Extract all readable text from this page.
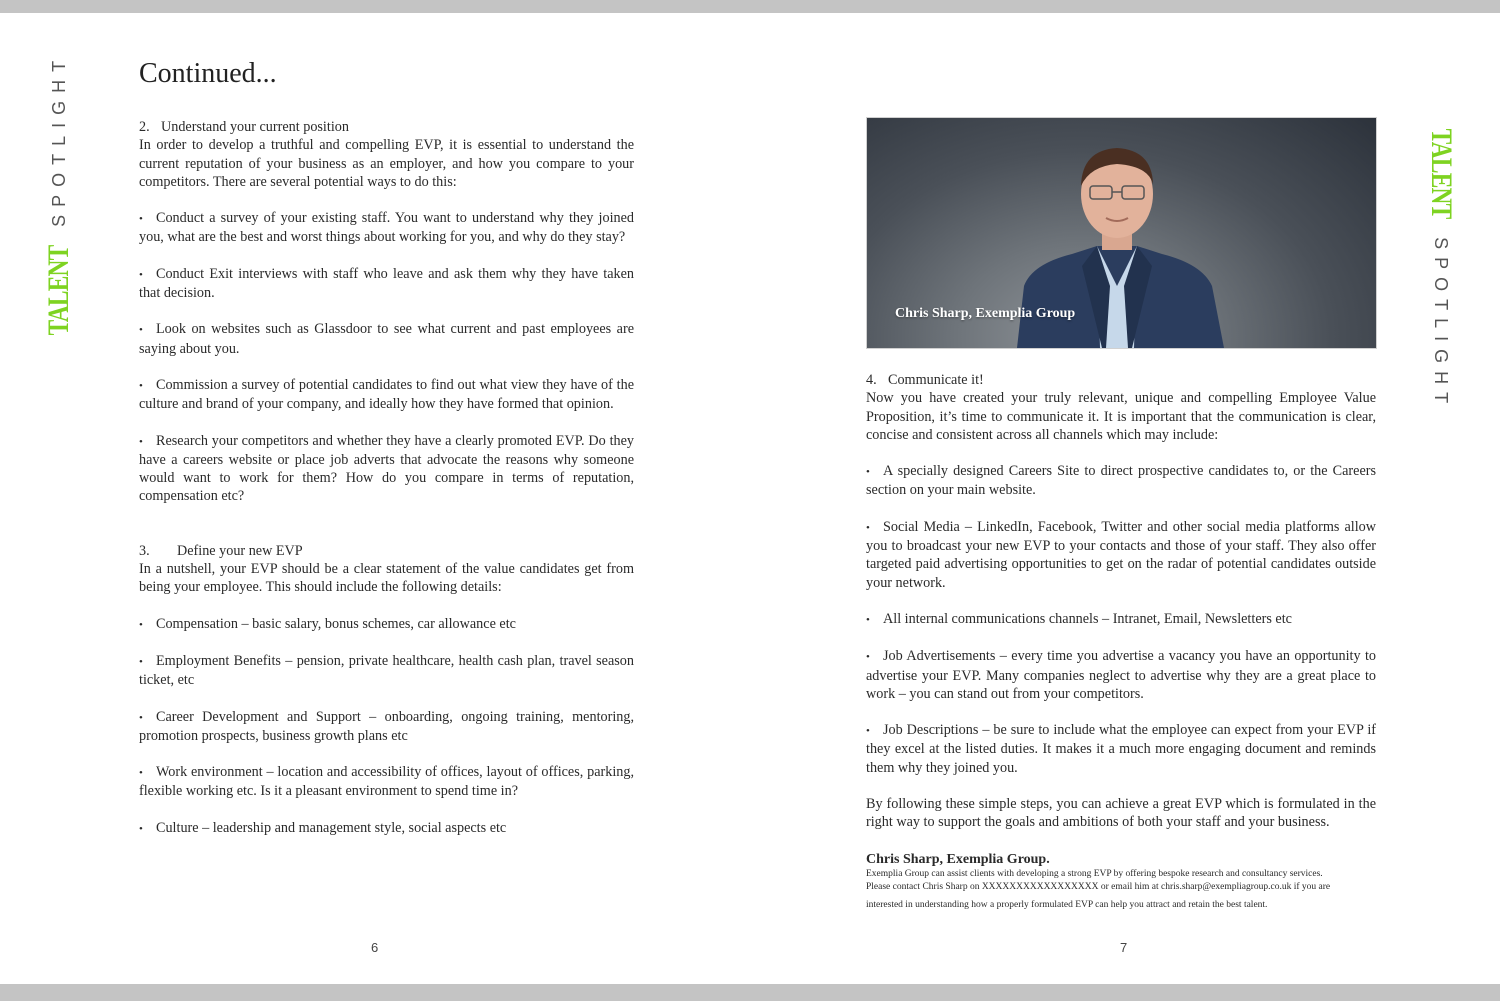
TALENT
SPOTLIGHT	TALENT
SPOTLIGHT
Continued...
2. Understand your current position

In order to develop a truthful and compelling EVP, it is essential to understand the current reputation of your business as an employer, and how you compare to your competitors. There are several potential ways to do this:

• Conduct a survey of your existing staff. You want to understand why they joined you, what are the best and worst things about working for you, and why do they stay?

• Conduct Exit interviews with staff who leave and ask them why they have taken that decision.

• Look on websites such as Glassdoor to see what current and past employees are saying about you.

• Commission a survey of potential candidates to find out what view they have of the culture and brand of your company, and ideally how they have formed that opinion.

• Research your competitors and whether they have a clearly promoted EVP. Do they have a careers website or place job adverts that advocate the reasons why someone would want to work for them? How do you compare in terms of reputation, compensation etc?

3. Define your new EVP

In a nutshell, your EVP should be a clear statement of the value candidates get from being your employee. This should include the following details:

• Compensation – basic salary, bonus schemes, car allowance etc

• Employment Benefits – pension, private healthcare, health cash plan, travel season ticket, etc

• Career Development and Support – onboarding, ongoing training, mentoring, promotion prospects, business growth plans etc

• Work environment – location and accessibility of offices, layout of offices, parking, flexible working etc. Is it a pleasant environment to spend time in?

• Culture – leadership and management style, social aspects etc

6
Chris Sharp, Exemplia Group
4. Communicate it!

Now you have created your truly relevant, unique and compelling Employee Value Proposition, it’s time to communicate it. It is important that the communication is clear, concise and consistent across all channels which may include:

• A specially designed Careers Site to direct prospective candidates to, or the Careers section on your main website.

• Social Media – LinkedIn, Facebook, Twitter and other social media platforms allow you to broadcast your new EVP to your contacts and those of your staff. They also offer targeted paid advertising opportunities to get on the radar of potential candidates outside your network.

• All internal communications channels – Intranet, Email, Newsletters etc

• Job Advertisements – every time you advertise a vacancy you have an opportunity to advertise your EVP. Many companies neglect to advertise why they are a great place to work – you can stand out from your competitors.

• Job Descriptions – be sure to include what the employee can expect from your EVP if they excel at the listed duties. It makes it a much more engaging document and reminds them why they joined you.

By following these simple steps, you can achieve a great EVP which is formulated in the right way to support the goals and ambitions of both your staff and your business.

Chris Sharp, Exemplia Group.
Exemplia Group can assist clients with developing a strong EVP by offering bespoke research and consultancy services.
Please contact Chris Sharp on XXXXXXXXXXXXXXXXX or email him at chris.sharp@exempliagroup.co.uk if you are
interested in understanding how a properly formulated EVP can help you attract and retain the best talent.
7
